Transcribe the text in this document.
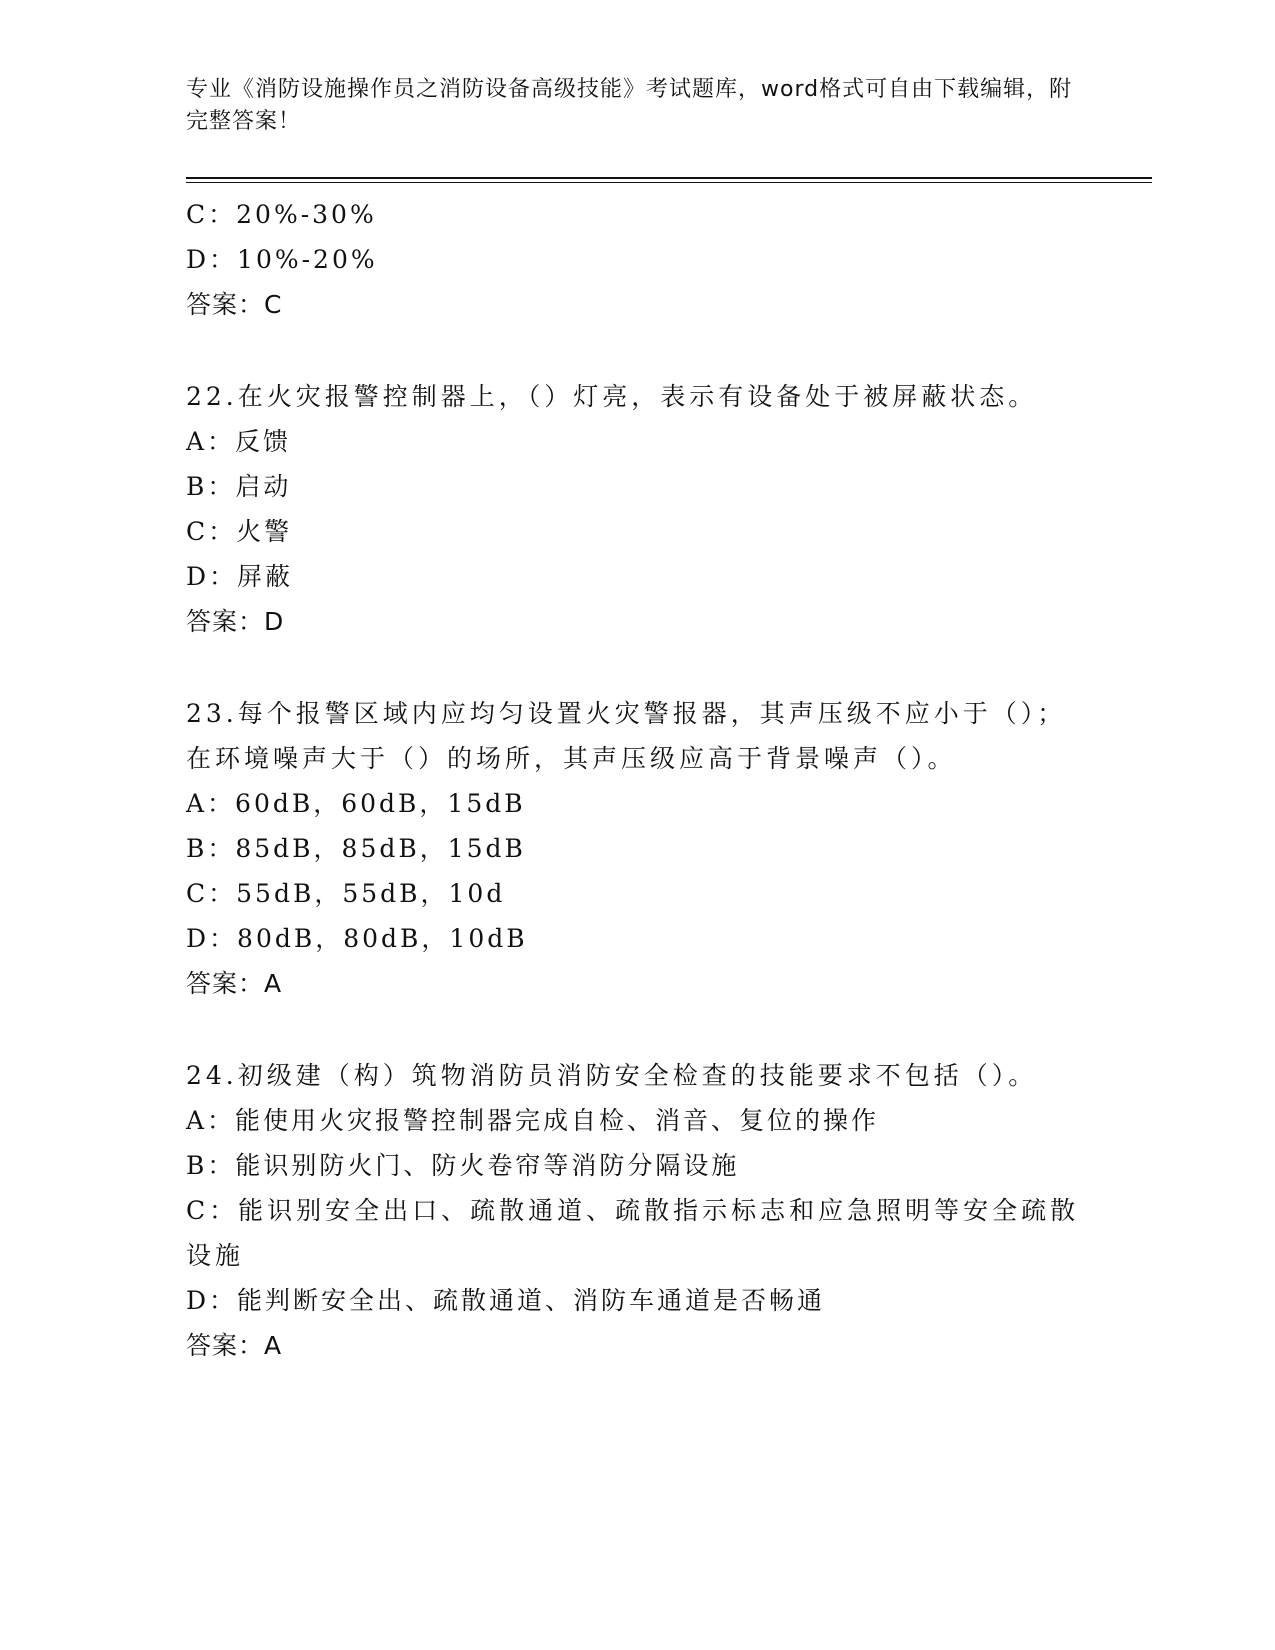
专业《消防设施操作员之消防设备高级技能》考试题库，word格式可自由下载编辑，附完整答案！
C：20%-30%
D：10%-20%
答案：C
22.在火灾报警控制器上，（）灯亮，表示有设备处于被屏蔽状态。
A：反馈
B：启动
C：火警
D：屏蔽
答案：D
23.每个报警区域内应均匀设置火灾警报器，其声压级不应小于（）；在环境噪声大于（）的场所，其声压级应高于背景噪声（）。
A：60dB，60dB，15dB
B：85dB，85dB，15dB
C：55dB，55dB，10d
D：80dB，80dB，10dB
答案：A
24.初级建（构）筑物消防员消防安全检查的技能要求不包括（）。
A：能使用火灾报警控制器完成自检、消音、复位的操作
B：能识别防火门、防火卷帘等消防分隔设施
C：能识别安全出口、疏散通道、疏散指示标志和应急照明等安全疏散设施
D：能判断安全出、疏散通道、消防车通道是否畅通
答案：A
